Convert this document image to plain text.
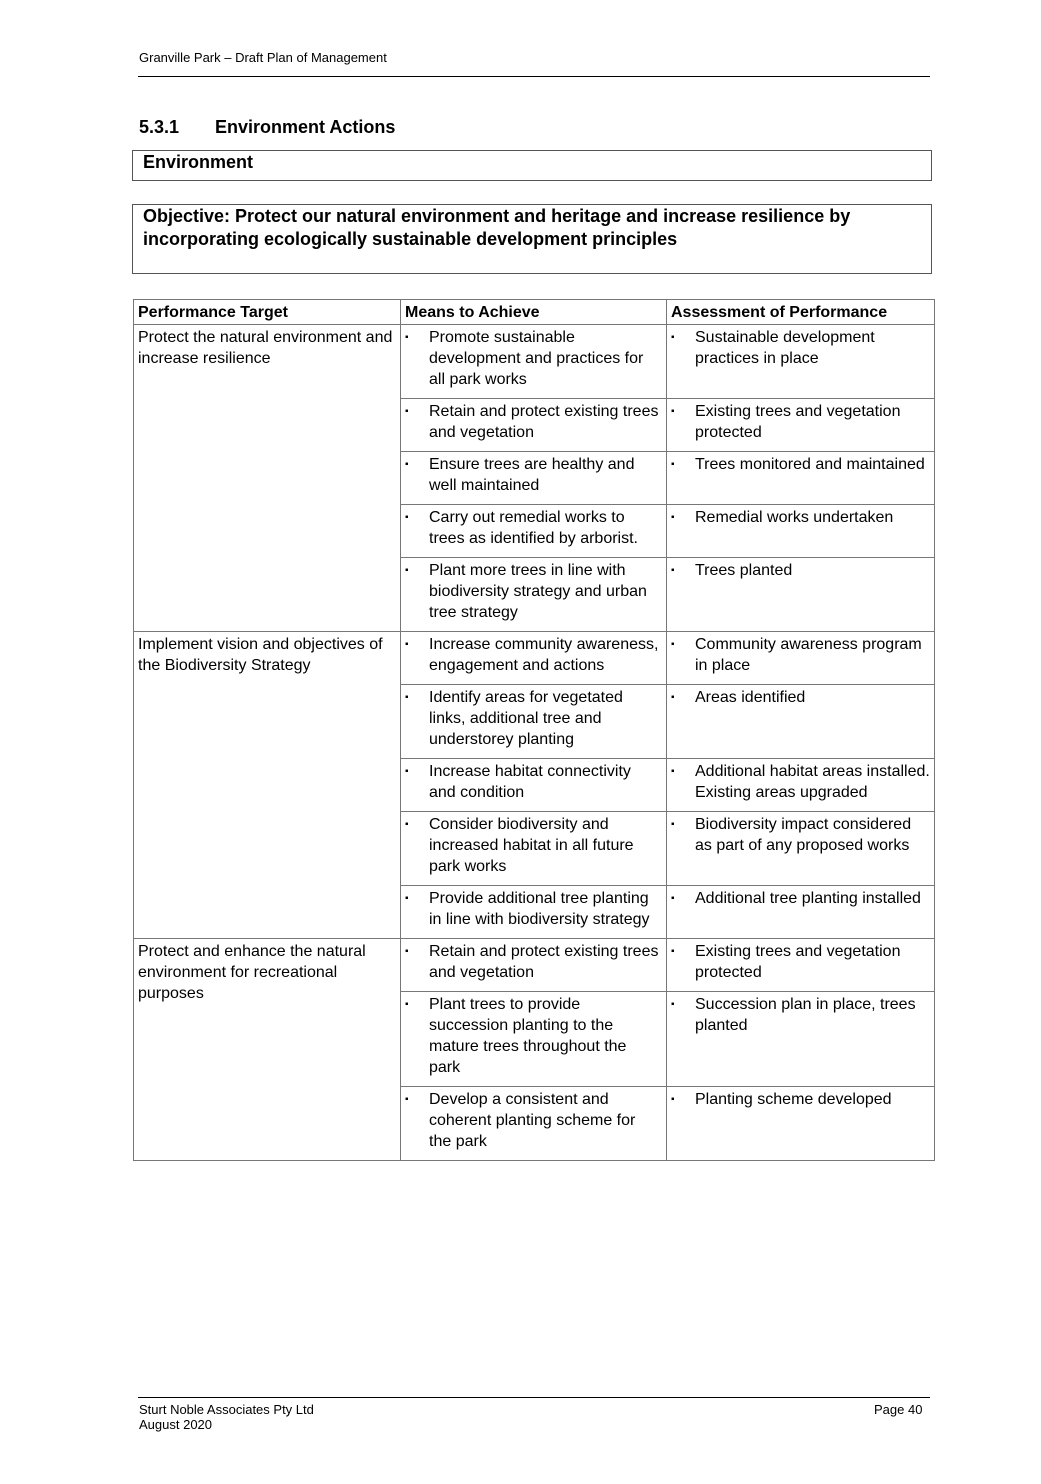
Granville Park – Draft Plan of Management
5.3.1 Environment Actions
Environment
Objective: Protect our natural environment and heritage and increase resilience by incorporating ecologically sustainable development principles
Performance Target	Means to Achieve	Assessment of Performance
Protect the natural environment and increase resilience	▪ Promote sustainable development and practices for all park works	▪ Sustainable development practices in place

	▪ Retain and protect existing trees and vegetation	▪ Existing trees and vegetation protected

	▪ Ensure trees are healthy and well maintained	▪ Trees monitored and maintained

	▪ Carry out remedial works to trees as identified by arborist.	▪ Remedial works undertaken

	▪ Plant more trees in line with biodiversity strategy and urban tree strategy	▪ Trees planted

Implement vision and objectives of the Biodiversity Strategy	▪ Increase community awareness, engagement and actions	▪ Community awareness program in place

	▪ Identify areas for vegetated links, additional tree and understorey planting	▪ Areas identified

	▪ Increase habitat connectivity and condition	▪ Additional habitat areas installed. Existing areas upgraded

	▪ Consider biodiversity and increased habitat in all future park works	▪ Biodiversity impact considered as part of any proposed works

	▪ Provide additional tree planting in line with biodiversity strategy	▪ Additional tree planting installed

Protect and enhance the natural environment for recreational purposes	▪ Retain and protect existing trees and vegetation	▪ Existing trees and vegetation protected

	▪ Plant trees to provide succession planting to the mature trees throughout the park	▪ Succession plan in place, trees planted

	▪ Develop a consistent and coherent planting scheme for the park	▪ Planting scheme developed
Sturt Noble Associates Pty Ltd
August 2020
Page 40
